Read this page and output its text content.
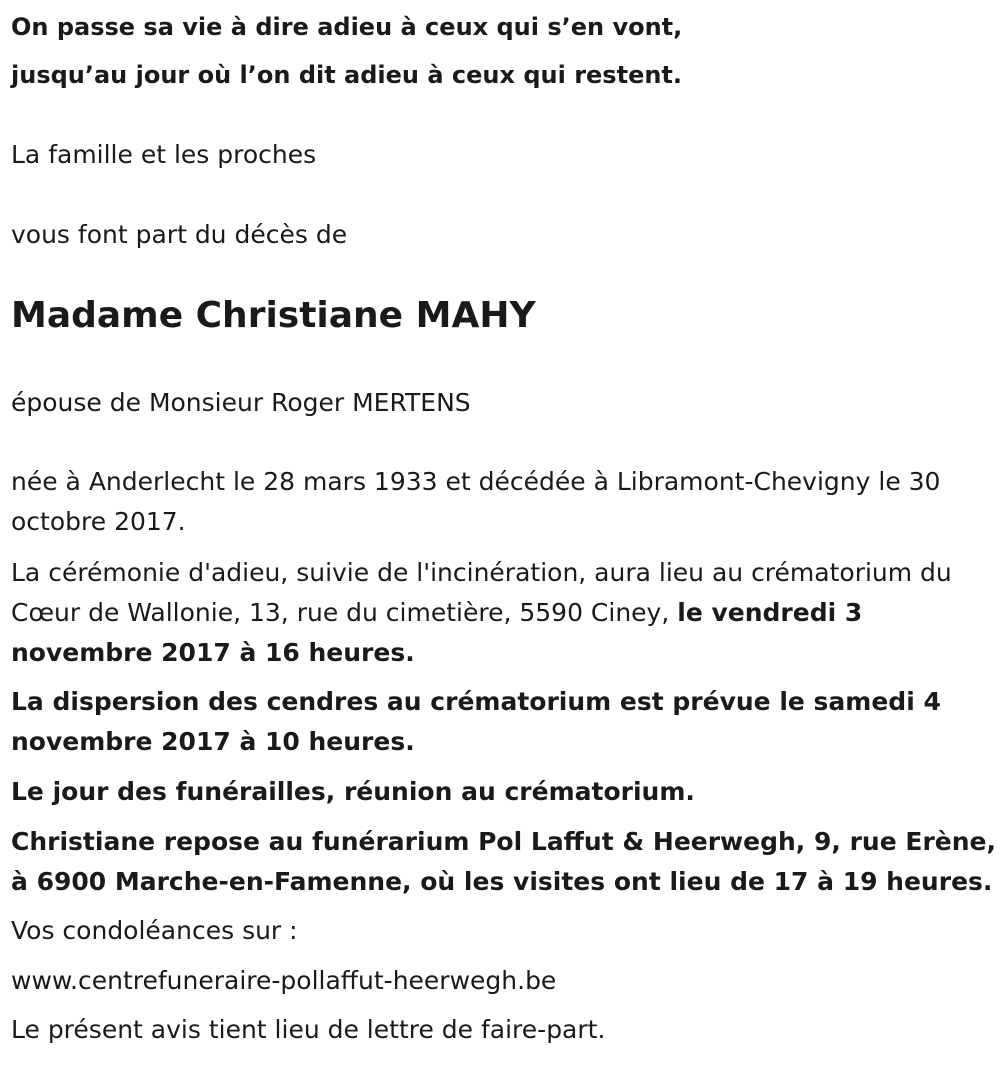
On passe sa vie à dire adieu à ceux qui s’en vont,

jusqu’au jour où l’on dit adieu à ceux qui restent.

La famille et les proches

vous font part du décès de

Madame Christiane MAHY

épouse de Monsieur Roger MERTENS

née à Anderlecht le 28 mars 1933 et décédée à Libramont-Chevigny le 30 octobre 2017.

La cérémonie d'adieu, suivie de l'incinération, aura lieu au crématorium du Cœur de Wallonie, 13, rue du cimetière, 5590 Ciney, le vendredi 3 novembre 2017 à 16 heures.

La dispersion des cendres au crématorium est prévue le samedi 4 novembre 2017 à 10 heures.

Le jour des funérailles, réunion au crématorium.

Christiane repose au funérarium Pol Laffut & Heerwegh, 9, rue Erène, à 6900 Marche-en-Famenne, où les visites ont lieu de 17 à 19 heures.

Vos condoléances sur :

www.centrefuneraire-pollaffut-heerwegh.be

Le présent avis tient lieu de lettre de faire-part.
